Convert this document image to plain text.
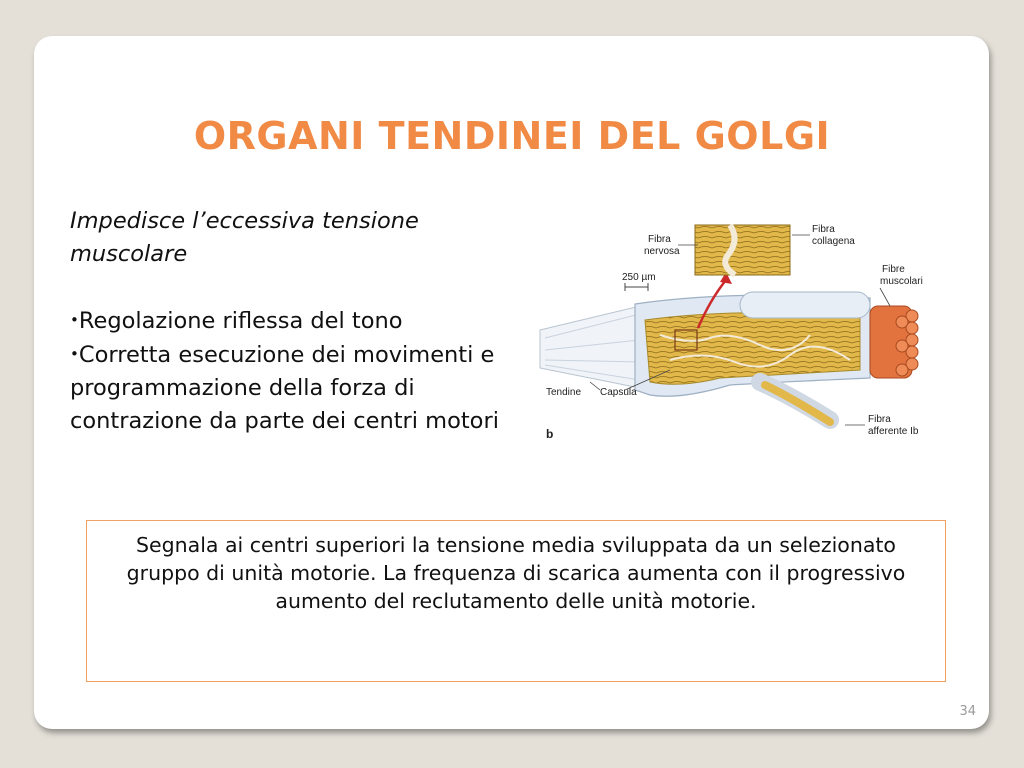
ORGANI TENDINEI DEL GOLGI

Impedisce l’eccessiva tensione muscolare

•Regolazione riflessa del tono
•Corretta esecuzione dei movimenti e programmazione della forza di contrazione da parte dei centri motori
Fibra
nervosa
Fibra
collagena
250 µm
Fibre
muscolari
Tendine Capsula
Fibra
afferente Ib
b
Segnala ai centri superiori la tensione media sviluppata da un selezionato gruppo di unità motorie. La frequenza di scarica aumenta con il progressivo aumento del reclutamento delle unità motorie.
34
